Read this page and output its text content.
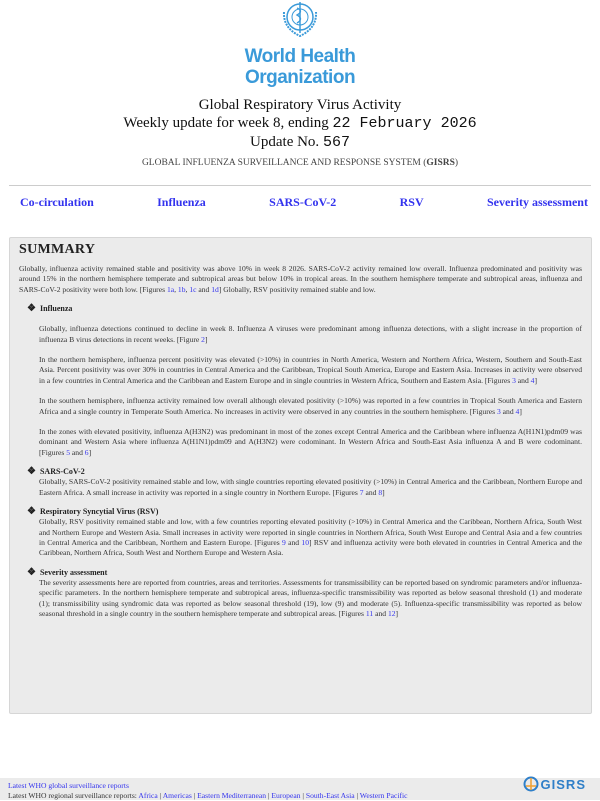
World Health
Organization
Global Respiratory Virus Activity
Weekly update for week 8, ending 22 February 2026
Update No. 567
GLOBAL INFLUENZA SURVEILLANCE AND RESPONSE SYSTEM (GISRS)
Co-circulation	Influenza	SARS-CoV-2	RSV	Severity assessment
SUMMARY

Globally, influenza activity remained stable and positivity was above 10% in week 8 2026. SARS-CoV-2 activity remained low overall. Influenza predominated and positivity was around 15% in the northern hemisphere temperate and subtropical areas but below 10% in tropical areas. In the southern hemisphere temperate and subtropical areas, influenza and SARS-CoV-2 positivity were both low. [Figures 1a, 1b, 1c and 1d] Globally, RSV positivity remained stable and low.

❖ Influenza

Globally, influenza detections continued to decline in week 8. Influenza A viruses were predominant among influenza detections, with a slight increase in the proportion of influenza B virus detections in recent weeks. [Figure 2]

In the northern hemisphere, influenza percent positivity was elevated (>10%) in countries in North America, Western and Northern Africa, Western, Southern and South-East Asia. Percent positivity was over 30% in countries in Central America and the Caribbean, Tropical South America, Europe and Eastern Asia. Increases in activity were observed in a few countries in Central America and the Caribbean and Eastern Europe and in single countries in Western Africa, Southern and Eastern Asia. [Figures 3 and 4]

In the southern hemisphere, influenza activity remained low overall although elevated positivity (>10%) was reported in a few countries in Tropical South America and Eastern Africa and a single country in Temperate South America. No increases in activity were observed in any countries in the southern hemisphere. [Figures 3 and 4]

In the zones with elevated positivity, influenza A(H3N2) was predominant in most of the zones except Central America and the Caribbean where influenza A(H1N1)pdm09 was dominant and Western Asia where influenza A(H1N1)pdm09 and A(H3N2) were codominant. In Western Africa and South-East Asia influenza A and B were codominant. [Figures 5 and 6]

❖ SARS-CoV-2

Globally, SARS-CoV-2 positivity remained stable and low, with single countries reporting elevated positivity (>10%) in Central America and the Caribbean, Northern Europe and Eastern Africa. A small increase in activity was reported in a single country in Northern Europe. [Figures 7 and 8]

❖ Respiratory Syncytial Virus (RSV)

Globally, RSV positivity remained stable and low, with a few countries reporting elevated positivity (>10%) in Central America and the Caribbean, Northern Africa, South West and Northern Europe and Western Asia. Small increases in activity were reported in single countries in Northern Africa, South West Europe and Central Asia and a few countries in Central America and the Caribbean, Northern and Eastern Europe. [Figures 9 and 10] RSV and influenza activity were both elevated in countries in Central America and the Caribbean, Northern Africa, South West and Northern Europe and Western Asia.

❖ Severity assessment

The severity assessments here are reported from countries, areas and territories. Assessments for transmissibility can be reported based on syndromic parameters and/or influenza-specific parameters. In the northern hemisphere temperate and subtropical areas, influenza-specific transmissibility was reported as below seasonal threshold (1) and moderate (1); transmissibility using syndromic data was reported as below seasonal threshold (19), low (9) and moderate (5). Influenza-specific transmissibility was reported as below seasonal threshold in a single country in the southern hemisphere temperate and subtropical areas. [Figures 11 and 12]

Latest WHO global surveillance reports
Latest WHO regional surveillance reports: Africa | Americas | Eastern Mediterranean | European | South-East Asia | Western Pacific
GISRS
